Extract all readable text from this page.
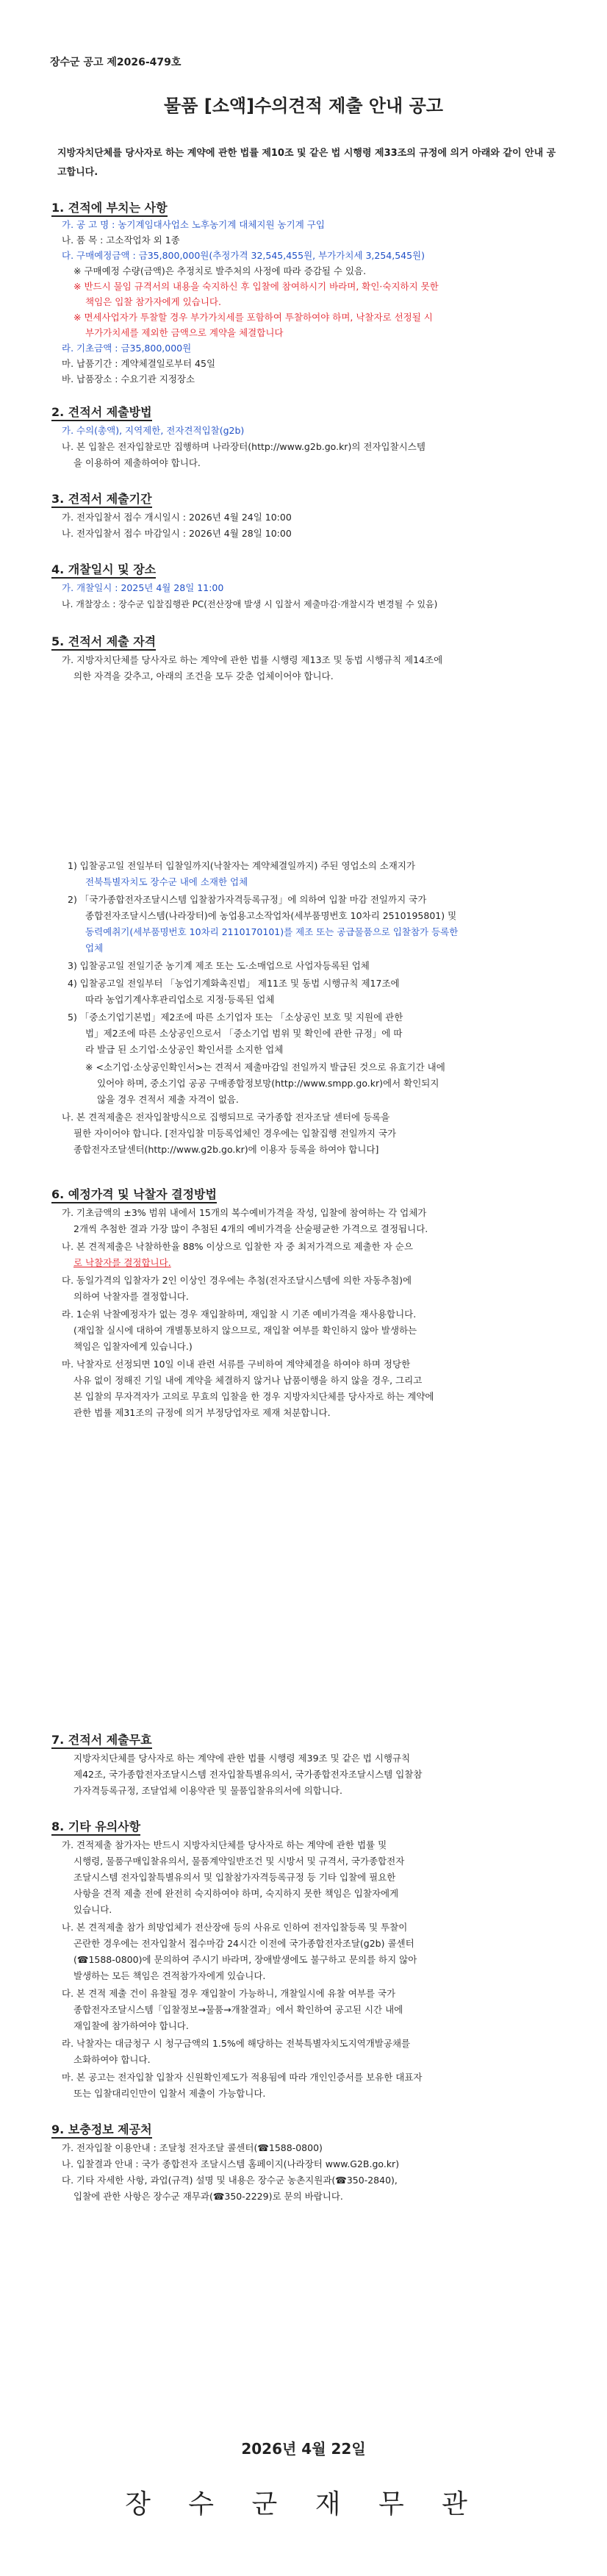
장수군 공고 제2026-479호
물품 [소액]수의견적 제출 안내 공고
지방자치단체를 당사자로 하는 계약에 관한 법률 제10조 및 같은 법 시행령 제33조의 규정에 의거 아래와 같이 안내 공고합니다.
1. 견적에 부치는 사항
가. 공 고 명 : 농기계임대사업소 노후농기계 대체지원 농기계 구입
나. 품 목 : 고소작업차 외 1종
다. 구매예정금액 : 금35,800,000원(추정가격 32,545,455원, 부가가치세 3,254,545원)
※ 구매예정 수량(금액)은 추정치로 발주처의 사정에 따라 증감될 수 있음.
※ 반드시 물임 규격서의 내용을 숙지하신 후 입찰에 참여하시기 바라며, 확인·숙지하지 못한
책임은 입찰 참가자에게 있습니다.
※ 면세사업자가 투찰할 경우 부가가치세를 포함하여 투찰하여야 하며, 낙찰자로 선정될 시
부가가치세를 제외한 금액으로 계약을 체결합니다
라. 기초금액 : 금35,800,000원
마. 납품기간 : 계약체결일로부터 45일
바. 납품장소 : 수요기관 지정장소
2. 견적서 제출방법
가. 수의(총액), 지역제한, 전자견적입찰(g2b)
나. 본 입찰은 전자입찰로만 집행하며 나라장터(http://www.g2b.go.kr)의 전자입찰시스템
을 이용하여 제출하여야 합니다.
3. 견적서 제출기간
가. 전자입찰서 접수 개시일시 : 2026년 4월 24일 10:00
나. 전자입찰서 접수 마감일시 : 2026년 4월 28일 10:00
4. 개찰일시 및 장소
가. 개찰일시 : 2025년 4월 28일 11:00
나. 개찰장소 : 장수군 입찰집행관 PC(전산장애 발생 시 입찰서 제출마감·개찰시각 변경될 수 있음)
5. 견적서 제출 자격
가. 지방자치단체를 당사자로 하는 계약에 관한 법률 시행령 제13조 및 동법 시행규칙 제14조에
의한 자격을 갖추고, 아래의 조건을 모두 갖춘 업체이어야 합니다.
1) 입찰공고일 전일부터 입찰일까지(낙찰자는 계약체결일까지) 주된 영업소의 소재지가
전북특별자치도 장수군 내에 소재한 업체
2) 「국가종합전자조달시스템 입찰참가자격등록규정」에 의하여 입찰 마감 전일까지 국가
종합전자조달시스템(나라장터)에 농업용고소작업차(세부품명번호 10차리 2510195801) 및
동력예취기(세부품명번호 10차리 2110170101)를 제조 또는 공급물품으로 입찰참가 등록한
업체
3) 입찰공고일 전일기준 농기계 제조 또는 도·소매업으로 사업자등록된 업체
4) 입찰공고일 전일부터 「농업기계화촉진법」 제11조 및 동법 시행규칙 제17조에
따라 농업기계사후관리업소로 지정·등록된 업체
5) 「중소기업기본법」제2조에 따른 소기업자 또는 「소상공인 보호 및 지원에 관한
법」제2조에 따른 소상공인으로서 「중소기업 범위 및 확인에 관한 규정」에 따
라 발급 된 소기업·소상공인 확인서를 소지한 업체
※ <소기업·소상공인확인서>는 견적서 제출마감일 전일까지 발급된 것으로 유효기간 내에
있어야 하며, 중소기업 공공 구매종합정보망(http://www.smpp.go.kr)에서 확인되지
않을 경우 견적서 제출 자격이 없음.
나. 본 견적제출은 전자입찰방식으로 집행되므로 국가종합 전자조달 센터에 등록을
필한 자이어야 합니다. [전자입찰 미등록업체인 경우에는 입찰집행 전일까지 국가
종합전자조달센터(http://www.g2b.go.kr)에 이용자 등록을 하여야 합니다]
6. 예정가격 및 낙찰자 결정방법
가. 기초금액의 ±3% 범위 내에서 15개의 복수예비가격을 작성, 입찰에 참여하는 각 업체가
2개씩 추첨한 결과 가장 많이 추첨된 4개의 예비가격을 산술평균한 가격으로 결정됩니다.
나. 본 견적제출은 낙찰하한율 88% 이상으로 입찰한 자 중 최저가격으로 제출한 자 순으
로 낙찰자를 결정합니다.
다. 동일가격의 입찰자가 2인 이상인 경우에는 추첨(전자조달시스템에 의한 자동추첨)에
의하여 낙찰자를 결정합니다.
라. 1순위 낙찰예정자가 없는 경우 재입찰하며, 재입찰 시 기존 예비가격을 재사용합니다.
(재입찰 실시에 대하여 개별통보하지 않으므로, 재입찰 여부를 확인하지 않아 발생하는
책임은 입찰자에게 있습니다.)
마. 낙찰자로 선정되면 10일 이내 관련 서류를 구비하여 계약체결을 하여야 하며 정당한
사유 없이 정해진 기일 내에 계약을 체결하지 않거나 납품이행을 하지 않을 경우, 그리고
본 입찰의 무자격자가 고의로 무효의 입찰을 한 경우 지방자치단체를 당사자로 하는 계약에
관한 법률 제31조의 규정에 의거 부정당업자로 제재 처분합니다.
7. 견적서 제출무효
지방자치단체를 당사자로 하는 계약에 관한 법률 시행령 제39조 및 같은 법 시행규칙
제42조, 국가종합전자조달시스템 전자입찰특별유의서, 국가종합전자조달시스템 입찰참
가자격등록규정, 조달업체 이용약관 및 물품입찰유의서에 의합니다.
8. 기타 유의사항
가. 견적제출 참가자는 반드시 지방자치단체를 당사자로 하는 계약에 관한 법률 및
시행령, 물품구매입찰유의서, 물품계약일반조건 및 시방서 및 규격서, 국가종합전자
조달시스템 전자입찰특별유의서 및 입찰참가자격등록규정 등 기타 입찰에 필요한
사항을 견적 제출 전에 완전히 숙지하여야 하며, 숙지하지 못한 책임은 입찰자에게
있습니다.
나. 본 견적제출 참가 희망업체가 전산장애 등의 사유로 인하여 전자입찰등록 및 투찰이
곤란한 경우에는 전자입찰서 접수마감 24시간 이전에 국가종합전자조달(g2b) 콜센터
(☎1588-0800)에 문의하여 주시기 바라며, 장애발생에도 불구하고 문의를 하지 않아
발생하는 모든 책임은 견적참가자에게 있습니다.
다. 본 견적 제출 건이 유찰될 경우 재입찰이 가능하니, 개찰일시에 유찰 여부를 국가
종합전자조달시스템「입찰정보→물품→개찰결과」에서 확인하여 공고된 시간 내에
재입찰에 참가하여야 합니다.
라. 낙찰자는 대금청구 시 청구금액의 1.5%에 해당하는 전북특별자치도지역개발공채를
소화하여야 합니다.
마. 본 공고는 전자입찰 입찰자 신원확인제도가 적용됨에 따라 개인인증서를 보유한 대표자
또는 입찰대리인만이 입찰서 제출이 가능합니다.
9. 보충정보 제공처
가. 전자입찰 이용안내 : 조달청 전자조달 콜센터(☎1588-0800)
나. 입찰결과 안내 : 국가 종합전자 조달시스템 홈페이지(나라장터 www.G2B.go.kr)
다. 기타 자세한 사항, 과업(규격) 설명 및 내용은 장수군 농촌지원과(☎350-2840),
입찰에 관한 사항은 장수군 재무과(☎350-2229)로 문의 바랍니다.
2026년 4월 22일
장 수 군 재 무 관
